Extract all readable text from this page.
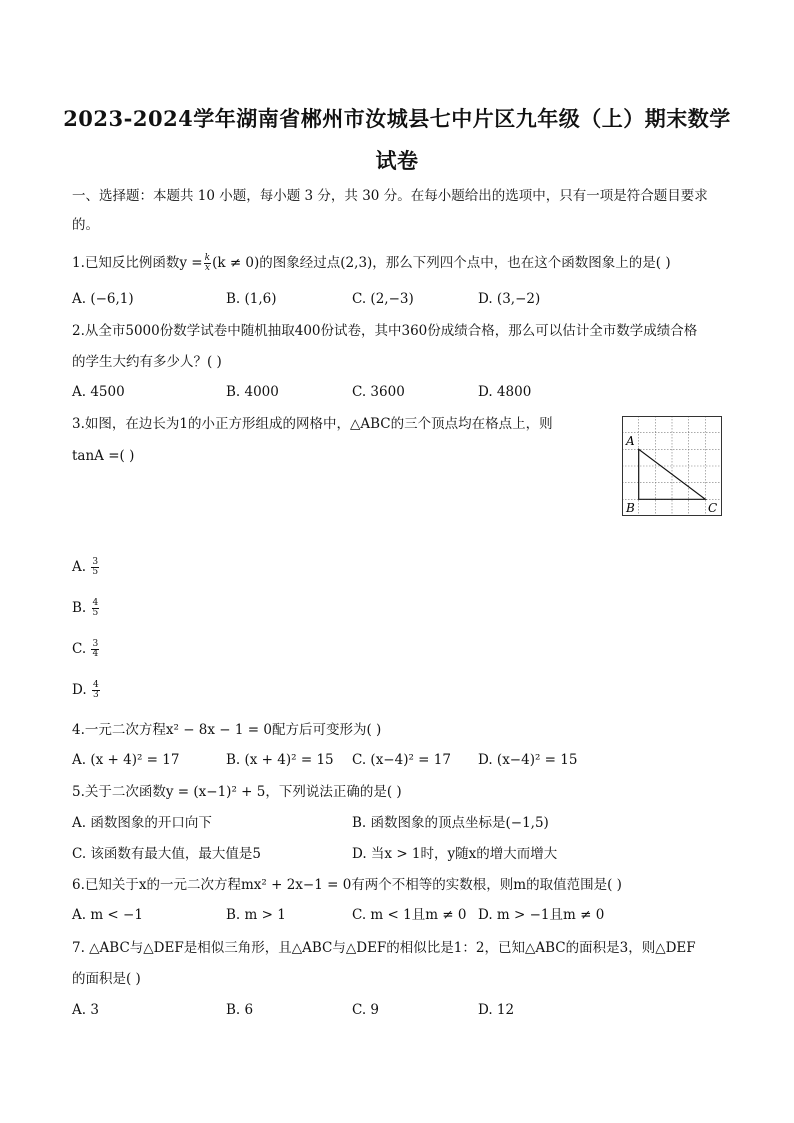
2023-2024学年湖南省郴州市汝城县七中片区九年级（上）期末数学
试卷
一、选择题：本题共 10 小题，每小题 3 分，共 30 分。在每小题给出的选项中，只有一项是符合题目要求
的。
1.已知反比例函数$y = \frac{k}{x} (k \ne 0)$的图象经过点(2,3)，那么下列四个点中，也在这个函数图象上的是( )
A. (−6,1)	B. (1,6)	C. (2,−3)	D. (3,−2)
2.从全市5000份数学试卷中随机抽取400份试卷，其中360份成绩合格，那么可以估计全市数学成绩合格
的学生大约有多少人？( )
A. 4500	B. 4000	C. 3600	D. 4800
3.如图，在边长为1的小正方形组成的网格中，△ABC的三个顶点均在格点上，则
tanA =( )
A
B	C
A. $\frac{3}{5}$
B. $\frac{4}{5}$
C. $\frac{3}{4}$
D. $\frac{4}{3}$
4.一元二次方程x² − 8x − 1 = 0配方后可变形为( )
A. (x + 4)² = 17	B. (x + 4)² = 15 C. (x−4)² = 17 D. (x−4)² = 15
5.关于二次函数y = (x−1)² + 5，下列说法正确的是( )
A. 函数图象的开口向下	B. 函数图象的顶点坐标是(−1,5)
C. 该函数有最大值，最大值是5	D. 当x > 1时，y随x的增大而增大
6.已知关于x的一元二次方程mx² + 2x−1 = 0有两个不相等的实数根，则m的取值范围是( )
A. m < −1	B. m > 1	C. m < 1且m ≠ 0 D. m > −1且m ≠ 0
7. △ABC与△DEF是相似三角形，且△ABC与△DEF的相似比是1：2，已知△ABC的面积是3，则△DEF
的面积是( )
A. 3	B. 6	C. 9	D. 12
